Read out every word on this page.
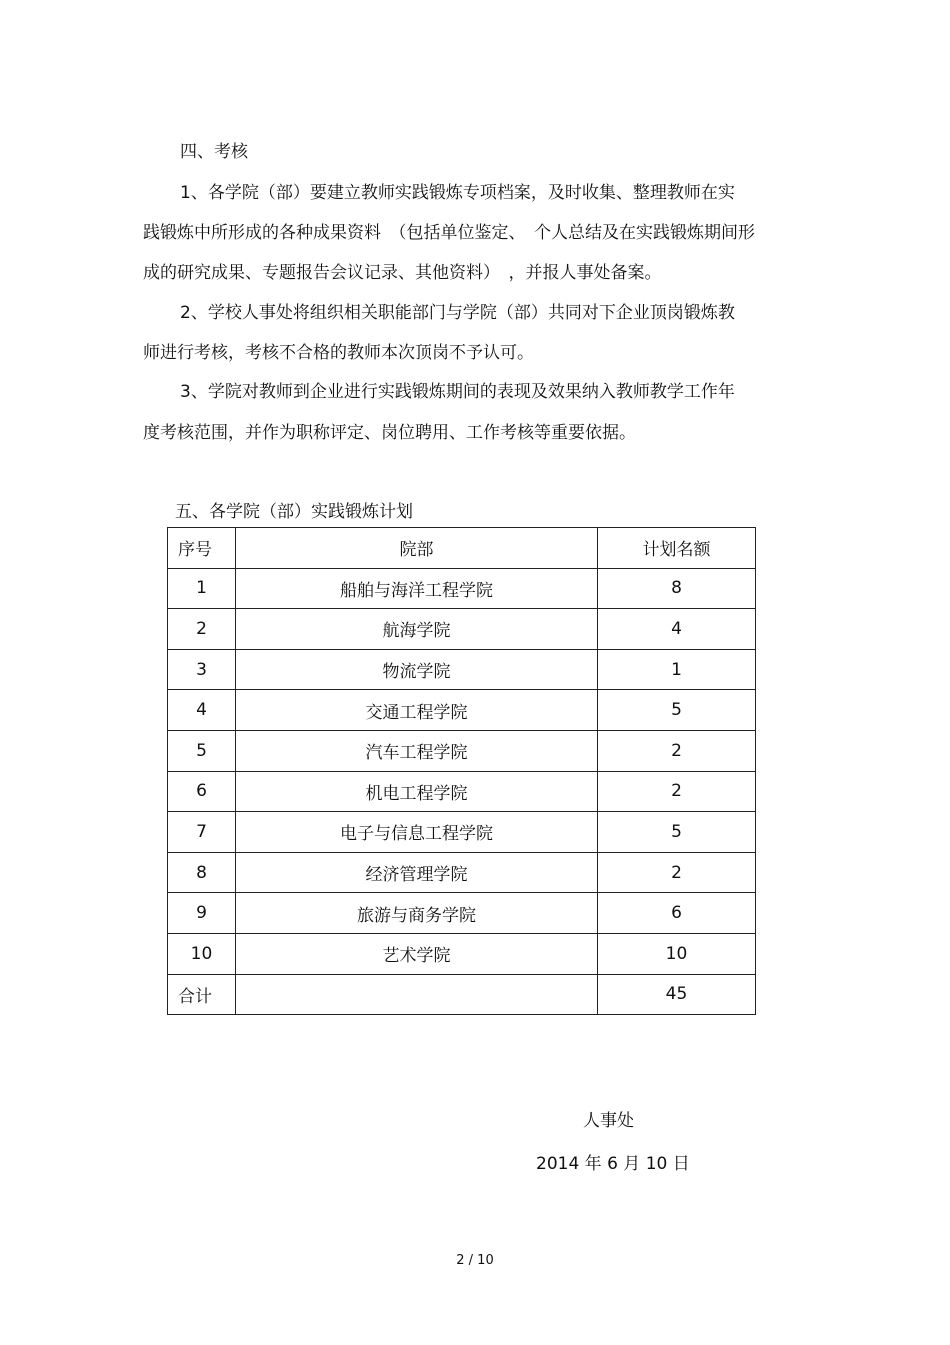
四、考核
1、各学院（部）要建立教师实践锻炼专项档案，及时收集、整理教师在实
践锻炼中所形成的各种成果资料　（包括单位鉴定、　个人总结及在实践锻炼期间形
成的研究成果、专题报告会议记录、其他资料）　，并报人事处备案。
2、学校人事处将组织相关职能部门与学院（部）共同对下企业顶岗锻炼教
师进行考核，考核不合格的教师本次顶岗不予认可。
3、学院对教师到企业进行实践锻炼期间的表现及效果纳入教师教学工作年
度考核范围，并作为职称评定、岗位聘用、工作考核等重要依据。
五、各学院（部）实践锻炼计划
序号	院部	计划名额
1	船舶与海洋工程学院	8
2	航海学院	4
3	物流学院	1
4	交通工程学院	5
5	汽车工程学院	2
6	机电工程学院	2
7	电子与信息工程学院	5
8	经济管理学院	2
9	旅游与商务学院	6
10	艺术学院	10
合计		45
人事处
2014 年 6 月 10 日
2 / 10
